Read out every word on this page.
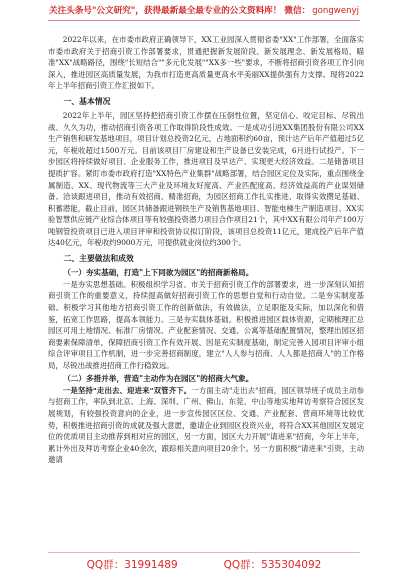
关注头条号"公文研究"，获得最新最全最专业的公文资料库！ 微信： gongwenyj

2022年以来，在市委市政府正确领导下，XX工业园深入贯彻省委"XX"工作部署，全面落实市委市政府关于招商引资工作部署要求，贯通把握新发展阶段、新发展理念、新发展格局，瞄准"XX"战略路径，围绕"长短结合""多元化发展""XX多一些"要求，不断将招商引资各项工作引向深入，推进园区高质量发展，为我市打造更高质量更高水平美丽XX提供强有力支撑。现将2022年上半年招商引资工作汇报如下。

一、基本情况

2022年上半年，园区坚持把招商引资工作摆在压倒性位置，坚定信心、咬定目标、尽锐出战、久久为功，推动招商引资各项工作取得阶段性成效。一是成功引进XX集团股份有限公司XX生产销售和研发基地项目，项目计划总投资2亿元，占地面积约60亩，预计达产后年产值超过5亿元，年税收超过1500万元。目前该项目厂房建设和生产设备已安装完成，6月进行试投产。下一步园区将持续做好项目、企业服务工作，推进项目及早达产、实现更大经济效益。二是储备项目提质扩容。紧盯市委市政府打造"XX特色产业集群"战略部署，结合园区定位及实际，重点围绕金属制造、XX、现代物流等三大产业及环境友好度高、产业匹配度高、经济效益高的产业谋划储备、洽谈跟进项目，推动有效招商、精准招商，为园区招商工作扎实推进、取得实效攒足基础、积蓄潜能，截止目前，园区共储备跟进钢铁生产及销售基地项目、智能电梯生产制造项目、XX实验智慧供应链产业综合体项目等有较强投资潜力项目合作项目21个，其中XX有限公司年产100万吨钢管投资项目已进入项目评审和投资协议拟订阶段，该项目总投资11亿元，建成投产后年产值达40亿元，年税收约9000万元，可提供就业岗位约300个。

二、主要做法和成效

（一）夯实基础，打造"上下同欲为园区"的招商新格局。

一是夯实思想基础。积极组织学习省、市关于招商引资工作的部署要求，进一步深刻认知招商引资工作的重要意义，持续提高做好招商引资工作的思想自觉和行动自觉。二是夯实制度基础。积极学习其他地方招商引资工作的创新做法，有效做法，立足职能及实际，加以深化和借鉴，拓宽工作思路，提高本领能力。三是夯实载体基础。积极推进园区载体资源，定期梳理汇总园区可用土地情况、标准厂房情况、产业配套情况、交通、公寓等基础配置情况，整理出园区招商要素保障清单，保障招商引资工作有效开展、因是充实制度基础，制定完善入园项目评审小组综合评审项目工作机制，进一步完善招商制度，建立"人人参与招商、人人都是招商人"的工作格局，尽锐出战推进招商工作行稳致远。

（二）多措并举，营造"主动作为在园区"的招商大气象。

一是坚持"走出去、迎进来"双管齐下。一方面主动"走出去"招商，园区领导班子成员主动参与招商工作，率队到北京、上海、深圳、广州、佛山、东莞、中山等地实地拜访考察符合园区发展规划，有较强投资意向的企业，进一步宣传园区区位、交通、产业配套、营商环境等比较优势，积极推进招商引资的成就及强大意愿，邀请企业到园区投资兴业，将符合XX其他园区发展定位的优质项目主动推荐到相对应的园区，另一方面，园区大力开展"请进来"招商，今年上半年，累计外出及拜访考察企业40余次，跟踪相关意向项目20余个。另一方面积极"请进来"引资，主动邀请

QQ群：31991489	QQ群：535304092
